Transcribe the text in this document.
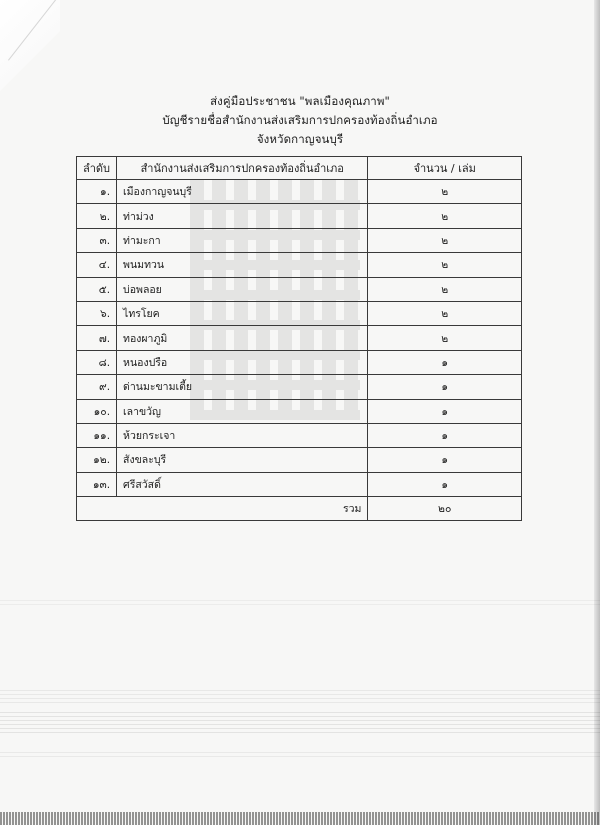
ส่งคู่มือประชาชน "พลเมืองคุณภาพ"
บัญชีรายชื่อสำนักงานส่งเสริมการปกครองท้องถิ่นอำเภอ
จังหวัดกาญจนบุรี
ลำดับ	สำนักงานส่งเสริมการปกครองท้องถิ่นอำเภอ	จำนวน / เล่ม
๑.	เมืองกาญจนบุรี	๒
๒.	ท่าม่วง	๒
๓.	ท่ามะกา	๒
๔.	พนมทวน	๒
๕.	บ่อพลอย	๒
๖.	ไทรโยค	๒
๗.	ทองผาภูมิ	๒
๘.	หนองปรือ	๑
๙.	ด่านมะขามเตี้ย	๑
๑๐.	เลาขวัญ	๑
๑๑.	ห้วยกระเจา	๑
๑๒.	สังขละบุรี	๑
๑๓.	ศรีสวัสดิ์	๑
รวม		๒๐
